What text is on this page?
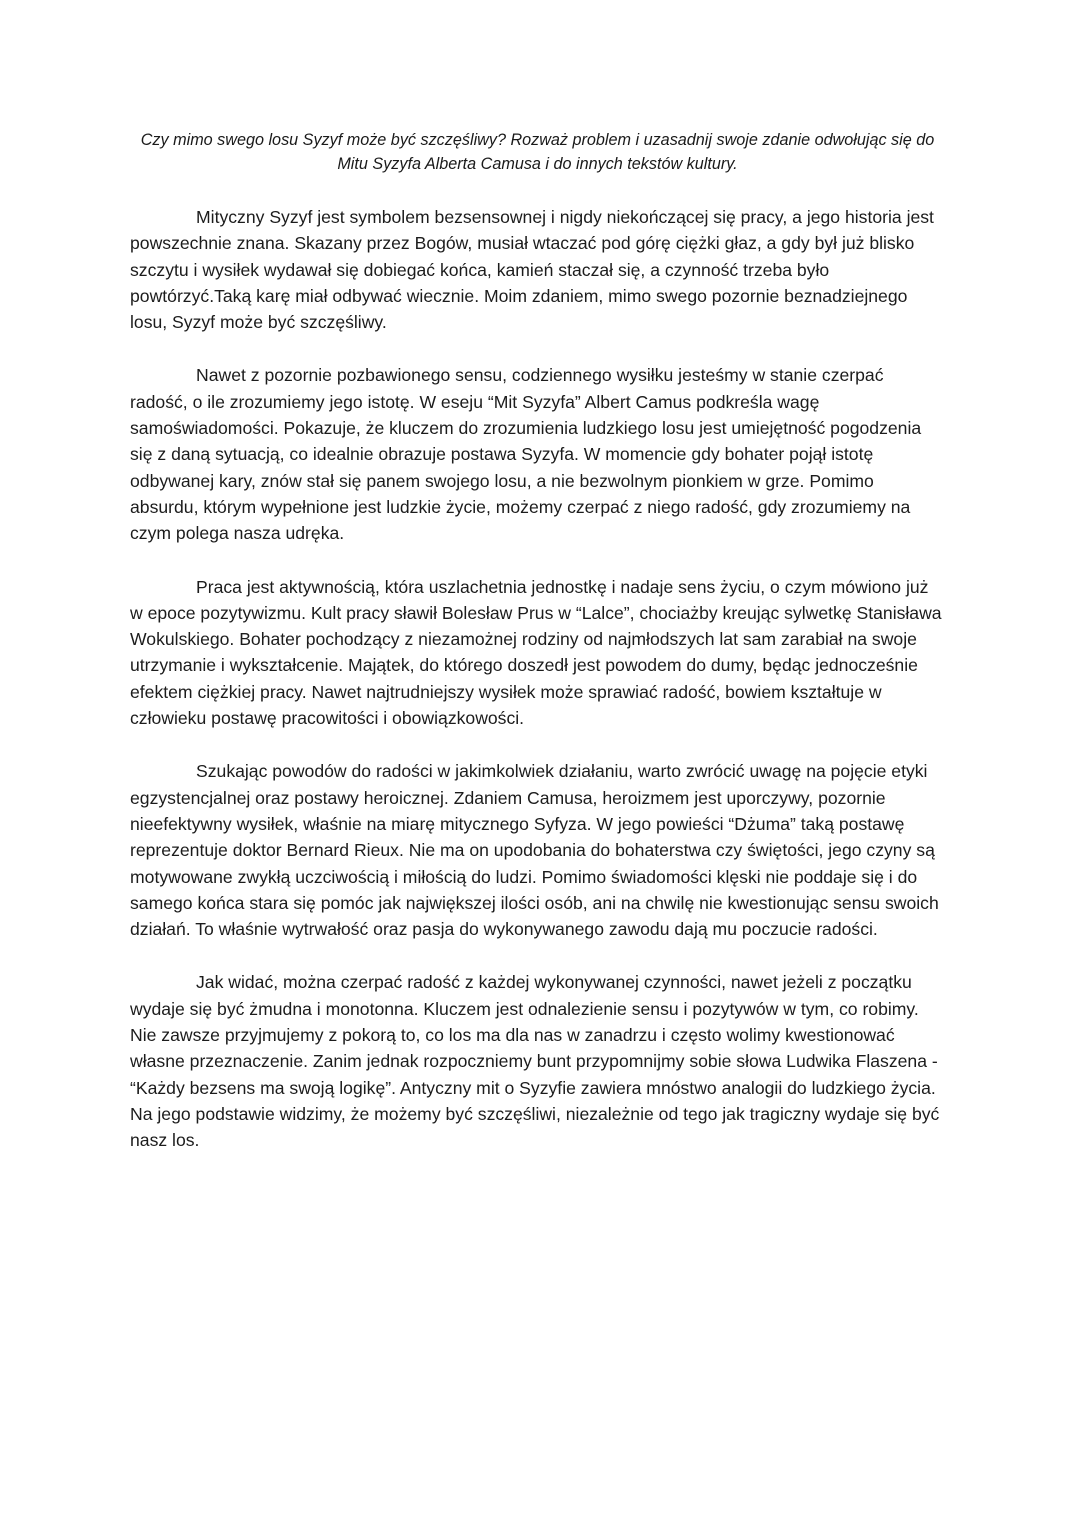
Czy mimo swego losu Syzyf może być szczęśliwy? Rozważ problem i uzasadnij swoje zdanie odwołując się do Mitu Syzyfa Alberta Camusa i do innych tekstów kultury.

Mityczny Syzyf jest symbolem bezsensownej i nigdy niekończącej się pracy, a jego historia jest powszechnie znana. Skazany przez Bogów, musiał wtaczać pod górę ciężki głaz, a gdy był już blisko szczytu i wysiłek wydawał się dobiegać końca, kamień staczał się, a czynność trzeba było powtórzyć.Taką karę miał odbywać wiecznie. Moim zdaniem, mimo swego pozornie beznadziejnego losu, Syzyf może być szczęśliwy.

Nawet z pozornie pozbawionego sensu, codziennego wysiłku jesteśmy w stanie czerpać radość, o ile zrozumiemy jego istotę. W eseju “Mit Syzyfa” Albert Camus podkreśla wagę samoświadomości. Pokazuje, że kluczem do zrozumienia ludzkiego losu jest umiejętność pogodzenia się z daną sytuacją, co idealnie obrazuje postawa Syzyfa. W momencie gdy bohater pojął istotę odbywanej kary, znów stał się panem swojego losu, a nie bezwolnym pionkiem w grze. Pomimo absurdu, którym wypełnione jest ludzkie życie, możemy czerpać z niego radość, gdy zrozumiemy na czym polega nasza udręka.

Praca jest aktywnością, która uszlachetnia jednostkę i nadaje sens życiu, o czym mówiono już w epoce pozytywizmu. Kult pracy sławił Bolesław Prus w “Lalce”, chociażby kreując sylwetkę Stanisława Wokulskiego. Bohater pochodzący z niezamożnej rodziny od najmłodszych lat sam zarabiał na swoje utrzymanie i wykształcenie. Majątek, do którego doszedł jest powodem do dumy, będąc jednocześnie efektem ciężkiej pracy. Nawet najtrudniejszy wysiłek może sprawiać radość, bowiem kształtuje w człowieku postawę pracowitości i obowiązkowości.

Szukając powodów do radości w jakimkolwiek działaniu, warto zwrócić uwagę na pojęcie etyki egzystencjalnej oraz postawy heroicznej. Zdaniem Camusa, heroizmem jest uporczywy, pozornie nieefektywny wysiłek, właśnie na miarę mitycznego Syfyza. W jego powieści “Dżuma” taką postawę reprezentuje doktor Bernard Rieux. Nie ma on upodobania do bohaterstwa czy świętości, jego czyny są motywowane zwykłą uczciwością i miłością do ludzi. Pomimo świadomości klęski nie poddaje się i do samego końca stara się pomóc jak największej ilości osób, ani na chwilę nie kwestionując sensu swoich działań. To właśnie wytrwałość oraz pasja do wykonywanego zawodu dają mu poczucie radości.

Jak widać, można czerpać radość z każdej wykonywanej czynności, nawet jeżeli z początku wydaje się być żmudna i monotonna. Kluczem jest odnalezienie sensu i pozytywów w tym, co robimy. Nie zawsze przyjmujemy z pokorą to, co los ma dla nas w zanadrzu i często wolimy kwestionować własne przeznaczenie. Zanim jednak rozpoczniemy bunt przypomnijmy sobie słowa Ludwika Flaszena - “Każdy bezsens ma swoją logikę”. Antyczny mit o Syzyfie zawiera mnóstwo analogii do ludzkiego życia. Na jego podstawie widzimy, że możemy być szczęśliwi, niezależnie od tego jak tragiczny wydaje się być nasz los.
